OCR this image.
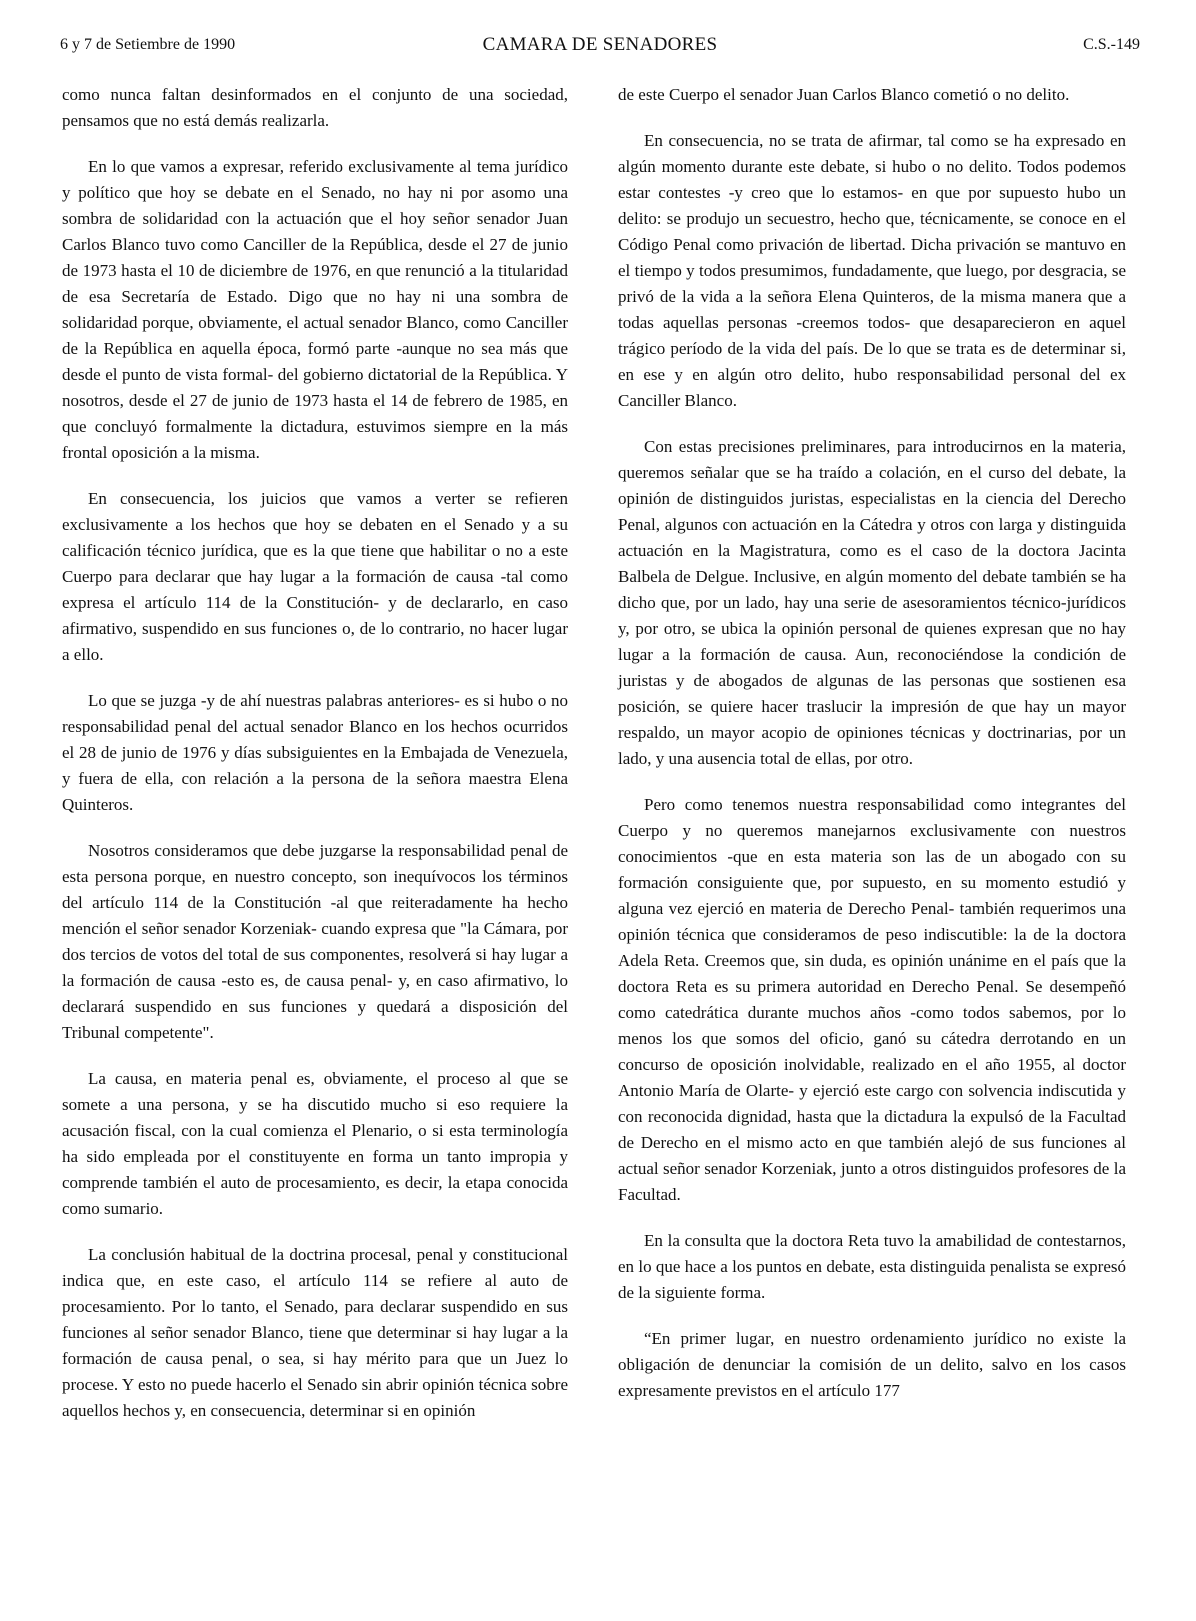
6 y 7 de Setiembre de 1990	CAMARA DE SENADORES	C.S.-149

como nunca faltan desinformados en el conjunto de una sociedad, pensamos que no está demás realizarla.

En lo que vamos a expresar, referido exclusivamente al tema jurídico y político que hoy se debate en el Senado, no hay ni por asomo una sombra de solidaridad con la actuación que el hoy señor senador Juan Carlos Blanco tuvo como Canciller de la República, desde el 27 de junio de 1973 hasta el 10 de diciembre de 1976, en que renunció a la titularidad de esa Secretaría de Estado. Digo que no hay ni una sombra de solidaridad porque, obviamente, el actual senador Blanco, como Canciller de la República en aquella época, formó parte -aunque no sea más que desde el punto de vista formal- del gobierno dictatorial de la República. Y nosotros, desde el 27 de junio de 1973 hasta el 14 de febrero de 1985, en que concluyó formalmente la dictadura, estuvimos siempre en la más frontal oposición a la misma.

En consecuencia, los juicios que vamos a verter se refieren exclusivamente a los hechos que hoy se debaten en el Senado y a su calificación técnico jurídica, que es la que tiene que habilitar o no a este Cuerpo para declarar que hay lugar a la formación de causa -tal como expresa el artículo 114 de la Constitución- y de declararlo, en caso afirmativo, suspendido en sus funciones o, de lo contrario, no hacer lugar a ello.

Lo que se juzga -y de ahí nuestras palabras anteriores- es si hubo o no responsabilidad penal del actual senador Blanco en los hechos ocurridos el 28 de junio de 1976 y días subsiguientes en la Embajada de Venezuela, y fuera de ella, con relación a la persona de la señora maestra Elena Quinteros.

Nosotros consideramos que debe juzgarse la responsabilidad penal de esta persona porque, en nuestro concepto, son inequívocos los términos del artículo 114 de la Constitución -al que reiteradamente ha hecho mención el señor senador Korzeniak- cuando expresa que "la Cámara, por dos tercios de votos del total de sus componentes, resolverá si hay lugar a la formación de causa -esto es, de causa penal- y, en caso afirmativo, lo declarará suspendido en sus funciones y quedará a disposición del Tribunal competente".

La causa, en materia penal es, obviamente, el proceso al que se somete a una persona, y se ha discutido mucho si eso requiere la acusación fiscal, con la cual comienza el Plenario, o si esta terminología ha sido empleada por el constituyente en forma un tanto impropia y comprende también el auto de procesamiento, es decir, la etapa conocida como sumario.

La conclusión habitual de la doctrina procesal, penal y constitucional indica que, en este caso, el artículo 114 se refiere al auto de procesamiento. Por lo tanto, el Senado, para declarar suspendido en sus funciones al señor senador Blanco, tiene que determinar si hay lugar a la formación de causa penal, o sea, si hay mérito para que un Juez lo procese. Y esto no puede hacerlo el Senado sin abrir opinión técnica sobre aquellos hechos y, en consecuencia, determinar si en opinión

de este Cuerpo el senador Juan Carlos Blanco cometió o no delito.

En consecuencia, no se trata de afirmar, tal como se ha expresado en algún momento durante este debate, si hubo o no delito. Todos podemos estar contestes -y creo que lo estamos- en que por supuesto hubo un delito: se produjo un secuestro, hecho que, técnicamente, se conoce en el Código Penal como privación de libertad. Dicha privación se mantuvo en el tiempo y todos presumimos, fundadamente, que luego, por desgracia, se privó de la vida a la señora Elena Quinteros, de la misma manera que a todas aquellas personas -creemos todos- que desaparecieron en aquel trágico período de la vida del país. De lo que se trata es de determinar si, en ese y en algún otro delito, hubo responsabilidad personal del ex Canciller Blanco.

Con estas precisiones preliminares, para introducirnos en la materia, queremos señalar que se ha traído a colación, en el curso del debate, la opinión de distinguidos juristas, especialistas en la ciencia del Derecho Penal, algunos con actuación en la Cátedra y otros con larga y distinguida actuación en la Magistratura, como es el caso de la doctora Jacinta Balbela de Delgue. Inclusive, en algún momento del debate también se ha dicho que, por un lado, hay una serie de asesoramientos técnico-jurídicos y, por otro, se ubica la opinión personal de quienes expresan que no hay lugar a la formación de causa. Aun, reconociéndose la condición de juristas y de abogados de algunas de las personas que sostienen esa posición, se quiere hacer traslucir la impresión de que hay un mayor respaldo, un mayor acopio de opiniones técnicas y doctrinarias, por un lado, y una ausencia total de ellas, por otro.

Pero como tenemos nuestra responsabilidad como integrantes del Cuerpo y no queremos manejarnos exclusivamente con nuestros conocimientos -que en esta materia son las de un abogado con su formación consiguiente que, por supuesto, en su momento estudió y alguna vez ejerció en materia de Derecho Penal- también requerimos una opinión técnica que consideramos de peso indiscutible: la de la doctora Adela Reta. Creemos que, sin duda, es opinión unánime en el país que la doctora Reta es su primera autoridad en Derecho Penal. Se desempeñó como catedrática durante muchos años -como todos sabemos, por lo menos los que somos del oficio, ganó su cátedra derrotando en un concurso de oposición inolvidable, realizado en el año 1955, al doctor Antonio María de Olarte- y ejerció este cargo con solvencia indiscutida y con reconocida dignidad, hasta que la dictadura la expulsó de la Facultad de Derecho en el mismo acto en que también alejó de sus funciones al actual señor senador Korzeniak, junto a otros distinguidos profesores de la Facultad.

En la consulta que la doctora Reta tuvo la amabilidad de contestarnos, en lo que hace a los puntos en debate, esta distinguida penalista se expresó de la siguiente forma.

“En primer lugar, en nuestro ordenamiento jurídico no existe la obligación de denunciar la comisión de un delito, salvo en los casos expresamente previstos en el artículo 177
